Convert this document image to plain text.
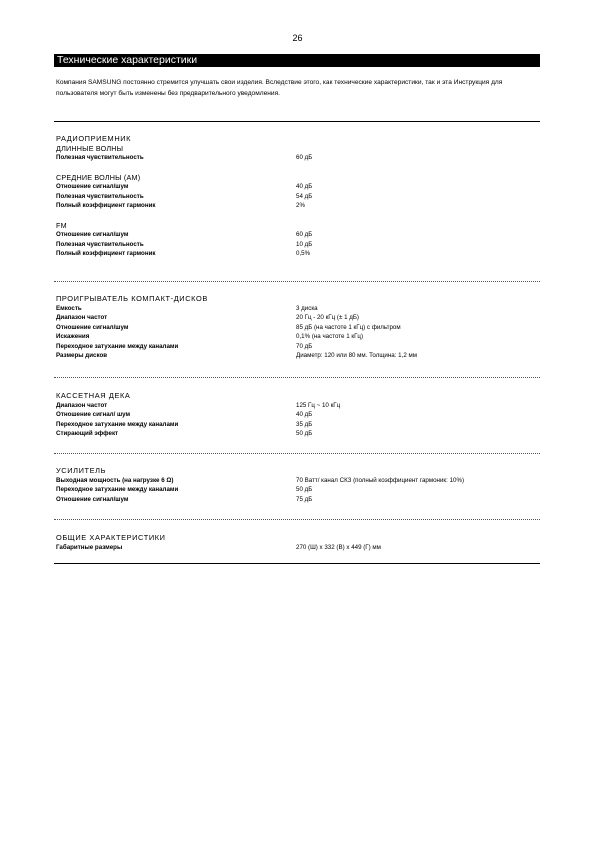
26
Технические характеристики
Компания SAMSUNG постоянно стремится улучшать свои изделия. Вследствие этого, как технические характеристики, так и эта Инструкция для пользователя могут быть изменены без предварительного уведомления.
РАДИОПРИЕМНИК
ДЛИННЫЕ ВОЛНЫ
Полезная чувствительность	60 дБ
СРЕДНИЕ ВОЛНЫ (AM)
Отношение сигнал/шум	40 дБ
Полезная чувствительность	54 дБ
Полный коэффициент гармоник	2%
FM
Отношение сигнал/шум	60 дБ
Полезная чувствительность	10 дБ
Полный коэффициент гармоник	0,5%
ПРОИГРЫВАТЕЛЬ КОМПАКТ-ДИСКОВ
Емкость	3 диска
Диапазон частот	20 Гц - 20 кГц (± 1 дБ)
Отношение сигнал/шум	85 дБ (на частоте 1 кГц) с фильтром
Искажения	0,1% (на частоте 1 кГц)
Переходное затухание между каналами	70 дБ
Размеры дисков	Диаметр: 120 или 80 мм. Толщина: 1,2 мм
КАССЕТНАЯ ДЕКА
Диапазон частот	125 Гц ~ 10 кГц
Отношение сигнал/ шум	40 дБ
Переходное затухание между каналами	35 дБ
Стирающий эффект	50 дБ
УСИЛИТЕЛЬ
Выходная мощность (на нагрузке 6 Ω)	70 Ватт/ канал СКЗ (полный коэффициент гармоник: 10%)
Переходное затухание между каналами	50 дБ
Отношение сигнал/шум	75 дБ
ОБЩИЕ ХАРАКТЕРИСТИКИ
Габаритные размеры	270 (Ш) x 332 (В) x 449 (Г) мм
